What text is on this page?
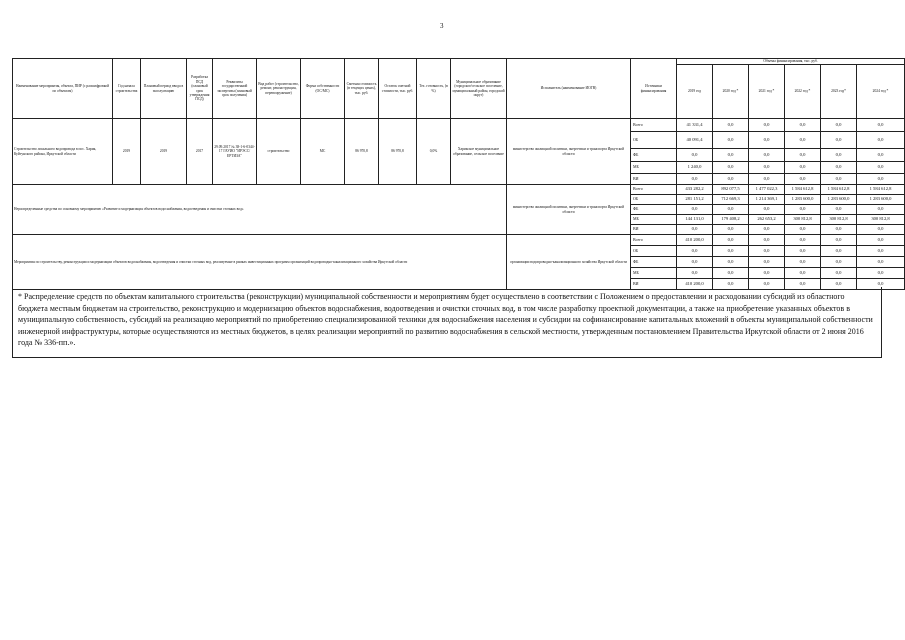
3
Наименование мероприятия, объекта, ПИР (с расшифровкой по объектам)	Год начала строительства	Плановый период ввода в эксплуатацию	Разработка ПСД (плановый срок утверждения ПСД)	Реквизиты государственной экспертизы (плановый срок получения)	Вид работ (строительство, ремонт, реконструкция, перевооружение)	Форма собственности (ОС/МС)	Сметная стоимость (в текущих ценах), тыс. руб.	Остаток сметной стоимости, тыс. руб.	Тех. готовность, (в %)	Муниципальное образование (городское/сельское поселение, муниципальный район, городской округ)	Исполнитель (наименование ИОГВ)	Источники финансирования	Объемы финансирования, тыс. руб.					
													2019 год	2020 год *	2021 год *	2022 год *	2023 год*	2024 год *
Строительство локального водопровода в пос. Харик, Куйтунского района, Иркутской области	2019	2019	2017	29.09.2017 № 38-1-6-0344-17 ГАУИО "ИРЭСС/ЕРТИЗА"	строительство	МС	86 970,8	86 970,8	0,0%	Харикское муниципальное образование, сельское поселение	министерство жилищной политики, энергетики и транспорта Иркутской области	Всего	41 331,4	0,0	0,0	0,0	0,0	0,0
												ОБ	40 091,4	0,0	0,0	0,0	0,0	0,0
												ФБ	0,0	0,0	0,0	0,0	0,0	0,0
												МБ	1 240,0	0,0	0,0	0,0	0,0	0,0
												ВИ	0,0	0,0	0,0	0,0	0,0	0,0
Нераспределенные средства по основному мероприятию «Развитие и модернизация объектов водоснабжения, водоотведения и очистки сточных вод»											министерство жилищной политики, энергетики и транспорта Иркутской области	Всего	433 282,2	892 077,5	1 477 022,3	1 584 612,8	1 584 612,8	1 584 612,8
												ОБ	281 151,2	712 669,3	1 214 369,1	1 283 600,0	1 283 600,0	1 283 600,0
												ФБ	0,0	0,0	0,0	0,0	0,0	0,0
												МБ	144 131,0	179 408,2	262 653,2	300 812,8	300 812,8	300 812,8
												ВИ	0,0	0,0	0,0	0,0	0,0	0,0
Мероприятия по строительству, реконструкции и модернизации объектов водоснабжения, водоотведения и очистки сточных вод, реализуемые в рамках инвестиционных программ организаций водопроводно-канализационного хозяйства Иркутской области											организации водопроводно-канализационного хозяйства Иркутской области	Всего	410 200,0	0,0	0,0	0,0	0,0	0,0
												ОБ	0,0	0,0	0,0	0,0	0,0	0,0
												ФБ	0,0	0,0	0,0	0,0	0,0	0,0
												МБ	0,0	0,0	0,0	0,0	0,0	0,0
												ВИ	410 200,0	0,0	0,0	0,0	0,0	0,0
* Распределение средств по объектам капитального строительства (реконструкции) муниципальной собственности и мероприятиям будет осуществлено в соответствии с Положением о предоставлении и расходовании субсидий из областного бюджета местным бюджетам на строительство, реконструкцию и модернизацию объектов водоснабжения, водоотведения и очистки сточных вод, в том числе разработку проектной документации, а также на приобретение указанных объектов в муниципальную собственность, субсидий на реализацию мероприятий по приобретению специализированной техники для водоснабжения населения и субсидии на софинансирование капитальных вложений в объекты муниципальной собственности инженерной инфраструктуры, которые осуществляются из местных бюджетов, в целях реализации мероприятий по развитию водоснабжения в сельской местности, утвержденным постановлением Правительства Иркутской области от 2 июня 2016 года № 336-пп.».
